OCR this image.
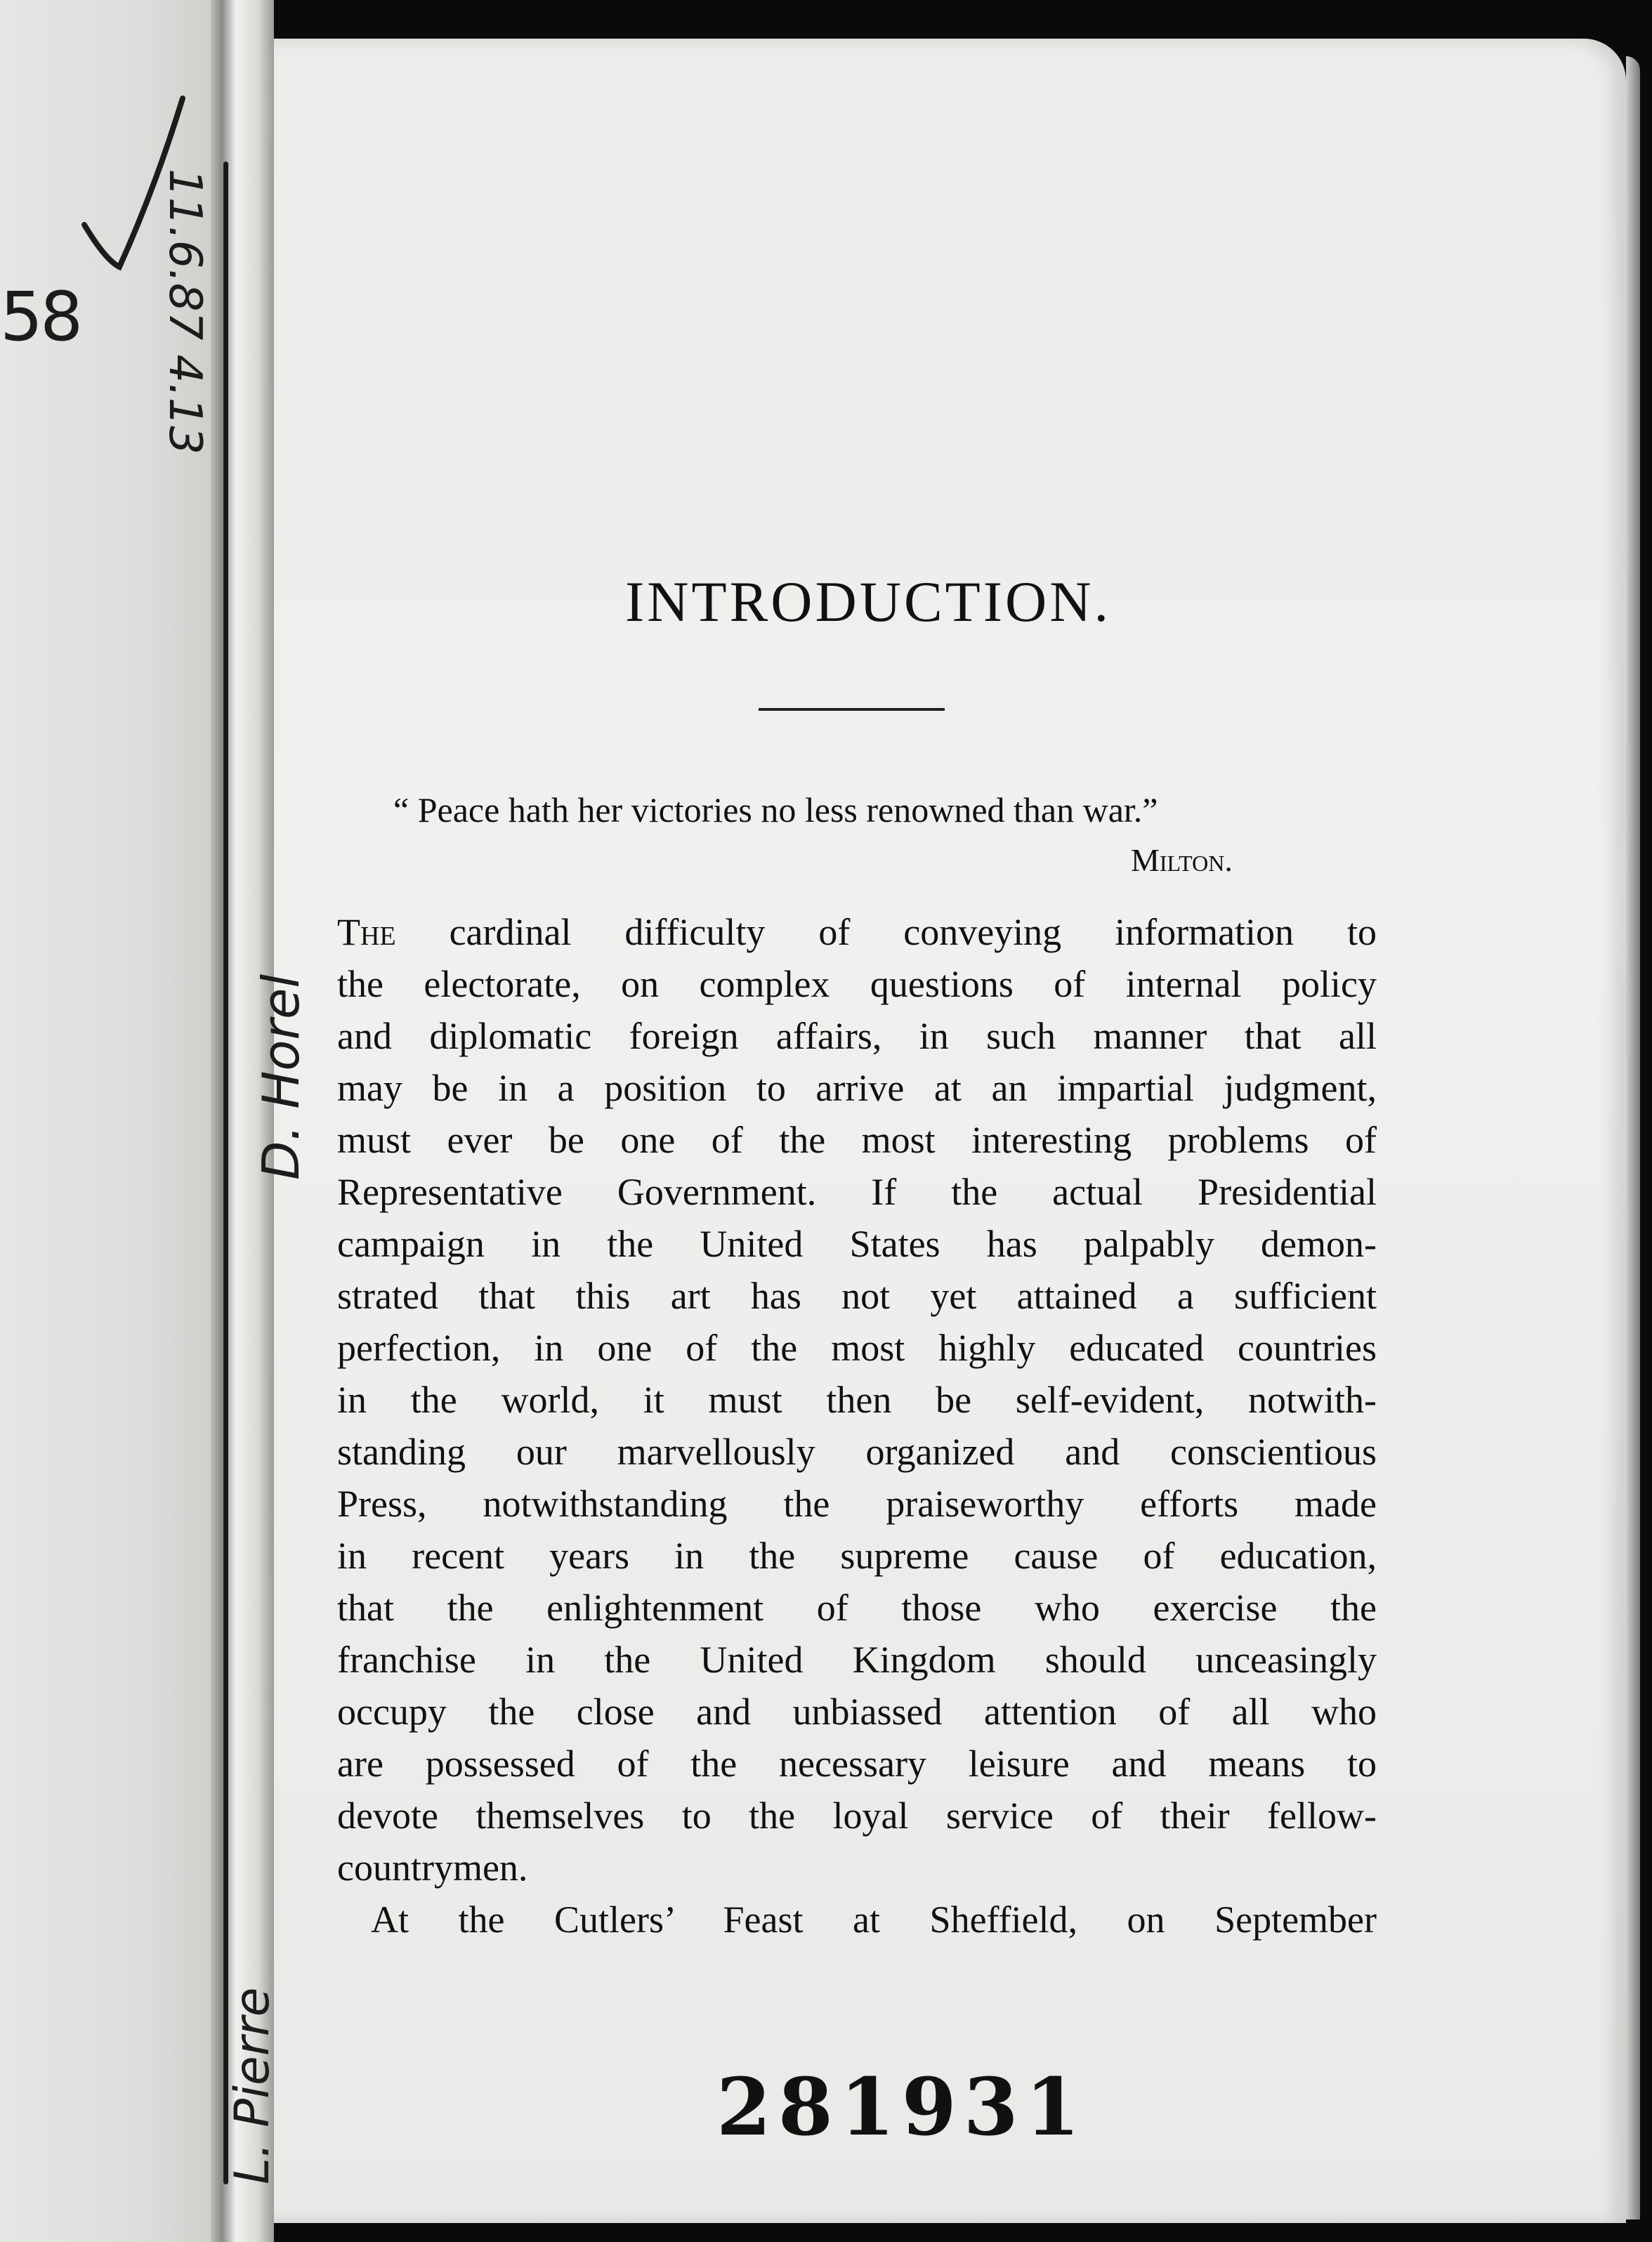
58 11.6.87 4.13
D. Horel
L. Pierre
INTRODUCTION.
“ Peace hath her victories no less renowned than war.”
Milton.
The cardinal difficulty of conveying information to
the electorate, on complex questions of internal policy
and diplomatic foreign affairs, in such manner that all
may be in a position to arrive at an impartial judgment,
must ever be one of the most interesting problems of
Representative Government. If the actual Presidential
campaign in the United States has palpably demon-
strated that this art has not yet attained a sufficient
perfection, in one of the most highly educated countries
in the world, it must then be self-evident, notwith-
standing our marvellously organized and conscientious
Press, notwithstanding the praiseworthy efforts made
in recent years in the supreme cause of education,
that the enlightenment of those who exercise the
franchise in the United Kingdom should unceasingly
occupy the close and unbiassed attention of all who
are possessed of the necessary leisure and means to
devote themselves to the loyal service of their fellow-
countrymen.
At the Cutlers’ Feast at Sheffield, on September
281931
